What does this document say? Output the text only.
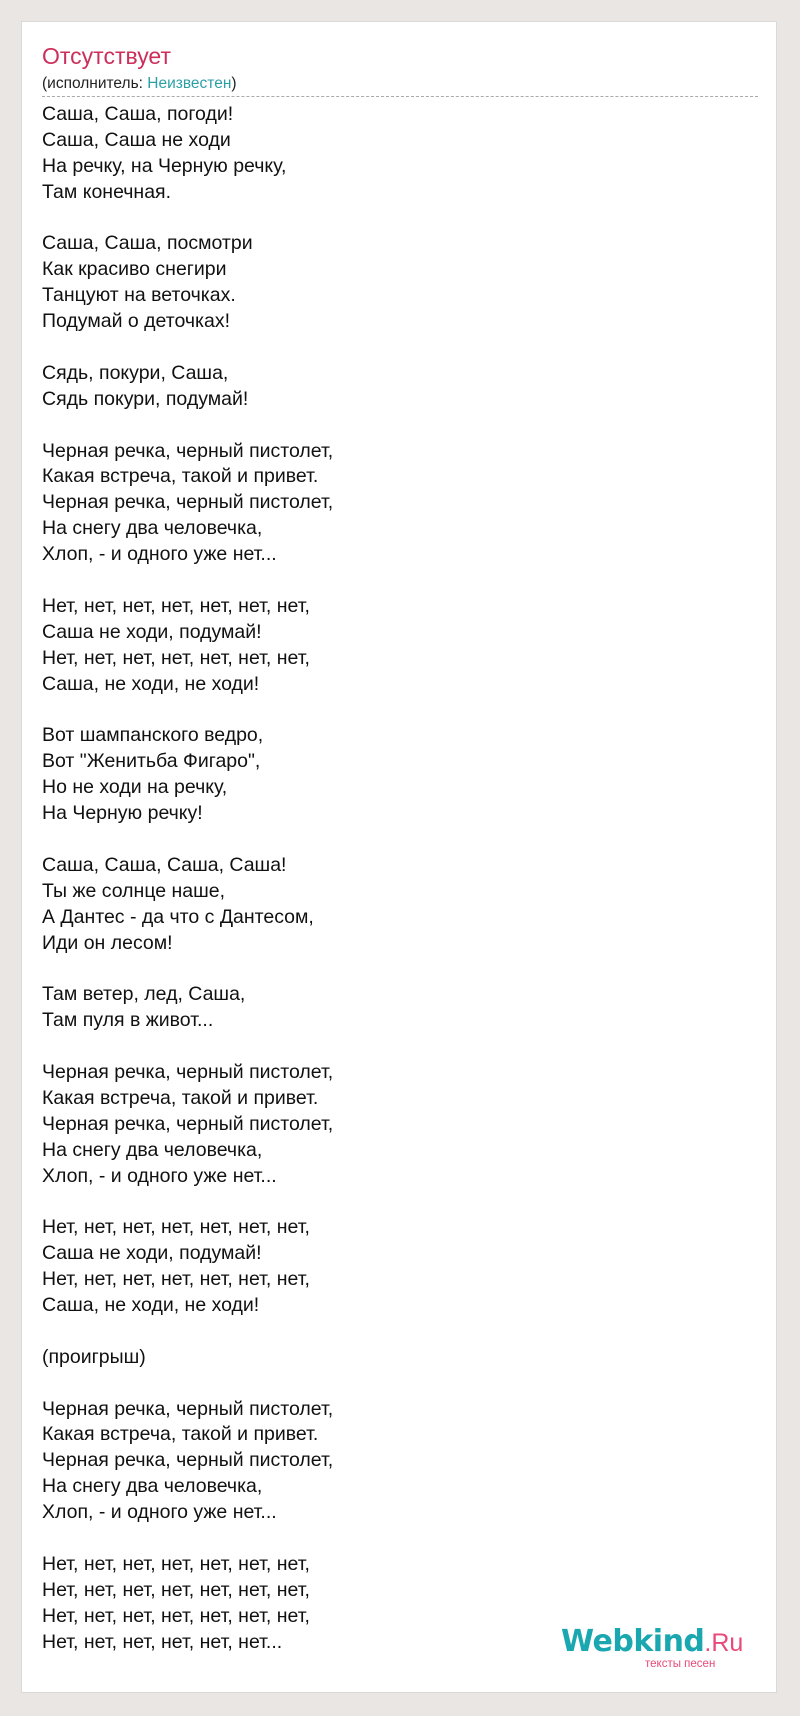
Отсутствует
(исполнитель: Неизвестен)
Саша, Саша, погоди!
Саша, Саша не ходи
На речку, на Черную речку,
Там конечная.
Саша, Саша, посмотри
Как красиво снегири
Танцуют на веточках.
Подумай о деточках!
Сядь, покури, Саша,
Сядь покури, подумай!
Черная речка, черный пистолет,
Какая встреча, такой и привет.
Черная речка, черный пистолет,
На снегу два человечка,
Хлоп, - и одного уже нет...
Нет, нет, нет, нет, нет, нет, нет,
Саша не ходи, подумай!
Нет, нет, нет, нет, нет, нет, нет,
Саша, не ходи, не ходи!
Вот шампанского ведро,
Вот "Женитьба Фигаро",
Но не ходи на речку,
На Черную речку!
Саша, Саша, Саша, Саша!
Ты же солнце наше,
А Дантес - да что с Дантесом,
Иди он лесом!
Там ветер, лед, Саша,
Там пуля в живот...
Черная речка, черный пистолет,
Какая встреча, такой и привет.
Черная речка, черный пистолет,
На снегу два человечка,
Хлоп, - и одного уже нет...
Нет, нет, нет, нет, нет, нет, нет,
Саша не ходи, подумай!
Нет, нет, нет, нет, нет, нет, нет,
Саша, не ходи, не ходи!
(проигрыш)
Черная речка, черный пистолет,
Какая встреча, такой и привет.
Черная речка, черный пистолет,
На снегу два человечка,
Хлоп, - и одного уже нет...
Нет, нет, нет, нет, нет, нет, нет,
Нет, нет, нет, нет, нет, нет, нет,
Нет, нет, нет, нет, нет, нет, нет,
Нет, нет, нет, нет, нет, нет...	Webkind.Ru
тексты песен
